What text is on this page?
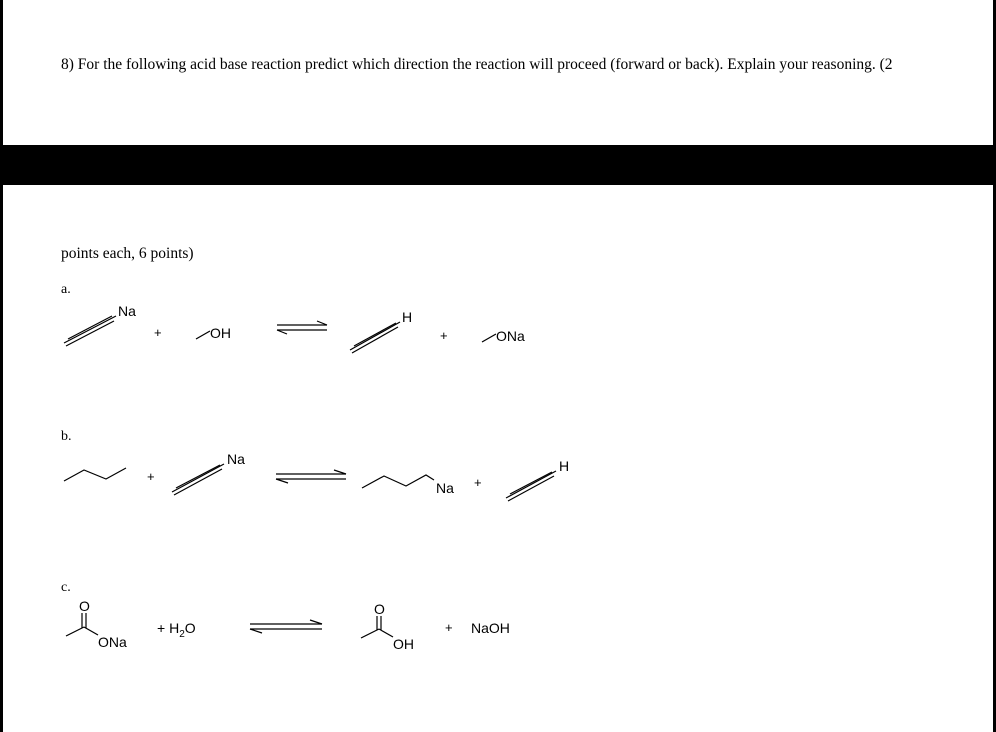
8) For the following acid base reaction predict which direction the reaction will proceed (forward or back). Explain your reasoning. (2

points each, 6 points)

a.
b.
c.
Na
+	OH
H
+	ONa
+
Na
Na +
H
O
ONa
+ $H_2O$
O
OH
+ NaOH
